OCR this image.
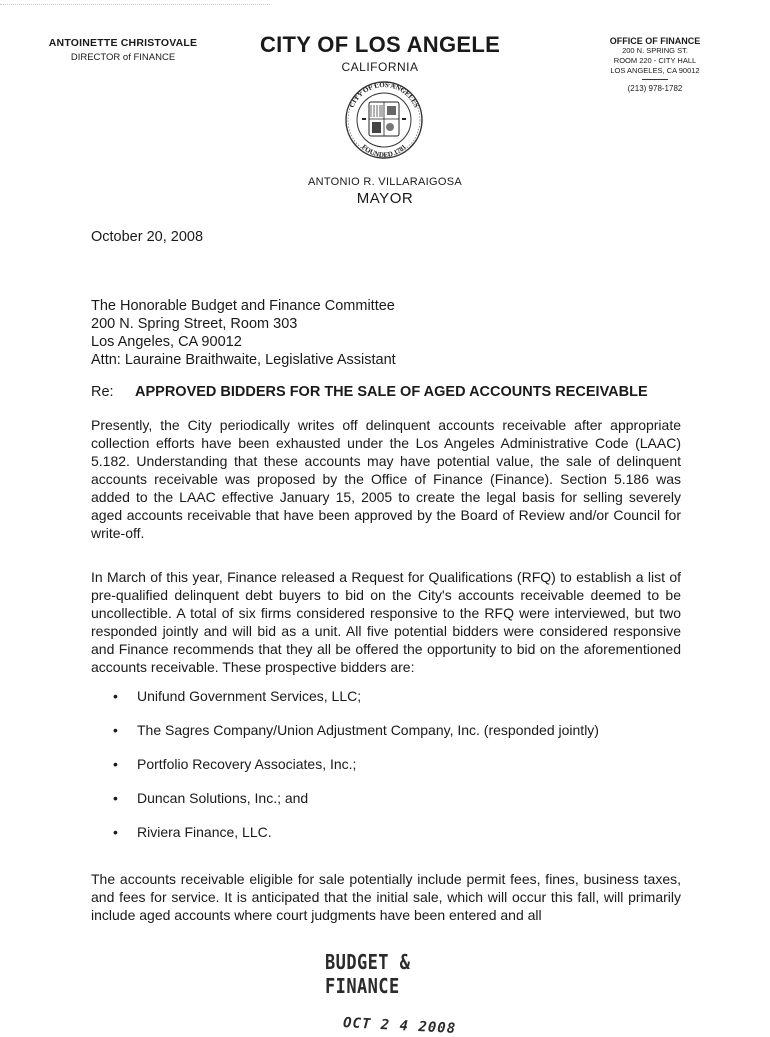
ANTOINETTE CHRISTOVALE
DIRECTOR of FINANCE
CITY OF LOS ANGELE
CALIFORNIA
OFFICE OF FINANCE
200 N. SPRING ST.
ROOM 220 - CITY HALL
LOS ANGELES, CA 90012
(213) 978-1782
CITY OF LOS ANGELES
FOUNDED 1781
ANTONIO R. VILLARAIGOSA
MAYOR
October 20, 2008
The Honorable Budget and Finance Committee
200 N. Spring Street, Room 303
Los Angeles, CA 90012
Attn: Lauraine Braithwaite, Legislative Assistant
Re: APPROVED BIDDERS FOR THE SALE OF AGED ACCOUNTS RECEIVABLE

Presently, the City periodically writes off delinquent accounts receivable after appropriate collection efforts have been exhausted under the Los Angeles Administrative Code (LAAC) 5.182. Understanding that these accounts may have potential value, the sale of delinquent accounts receivable was proposed by the Office of Finance (Finance). Section 5.186 was added to the LAAC effective January 15, 2005 to create the legal basis for selling severely aged accounts receivable that have been approved by the Board of Review and/or Council for write-off.

In March of this year, Finance released a Request for Qualifications (RFQ) to establish a list of pre-qualified delinquent debt buyers to bid on the City's accounts receivable deemed to be uncollectible. A total of six firms considered responsive to the RFQ were interviewed, but two responded jointly and will bid as a unit. All five potential bidders were considered responsive and Finance recommends that they all be offered the opportunity to bid on the aforementioned accounts receivable. These prospective bidders are:

•	Unifund Government Services, LLC;
•	The Sagres Company/Union Adjustment Company, Inc. (responded jointly)
•	Portfolio Recovery Associates, Inc.;
•	Duncan Solutions, Inc.; and
•	Riviera Finance, LLC.

The accounts receivable eligible for sale potentially include permit fees, fines, business taxes, and fees for service. It is anticipated that the initial sale, which will occur this fall, will primarily include aged accounts where court judgments have been entered and all

BUDGET & FINANCE
OCT 2 4 2008
